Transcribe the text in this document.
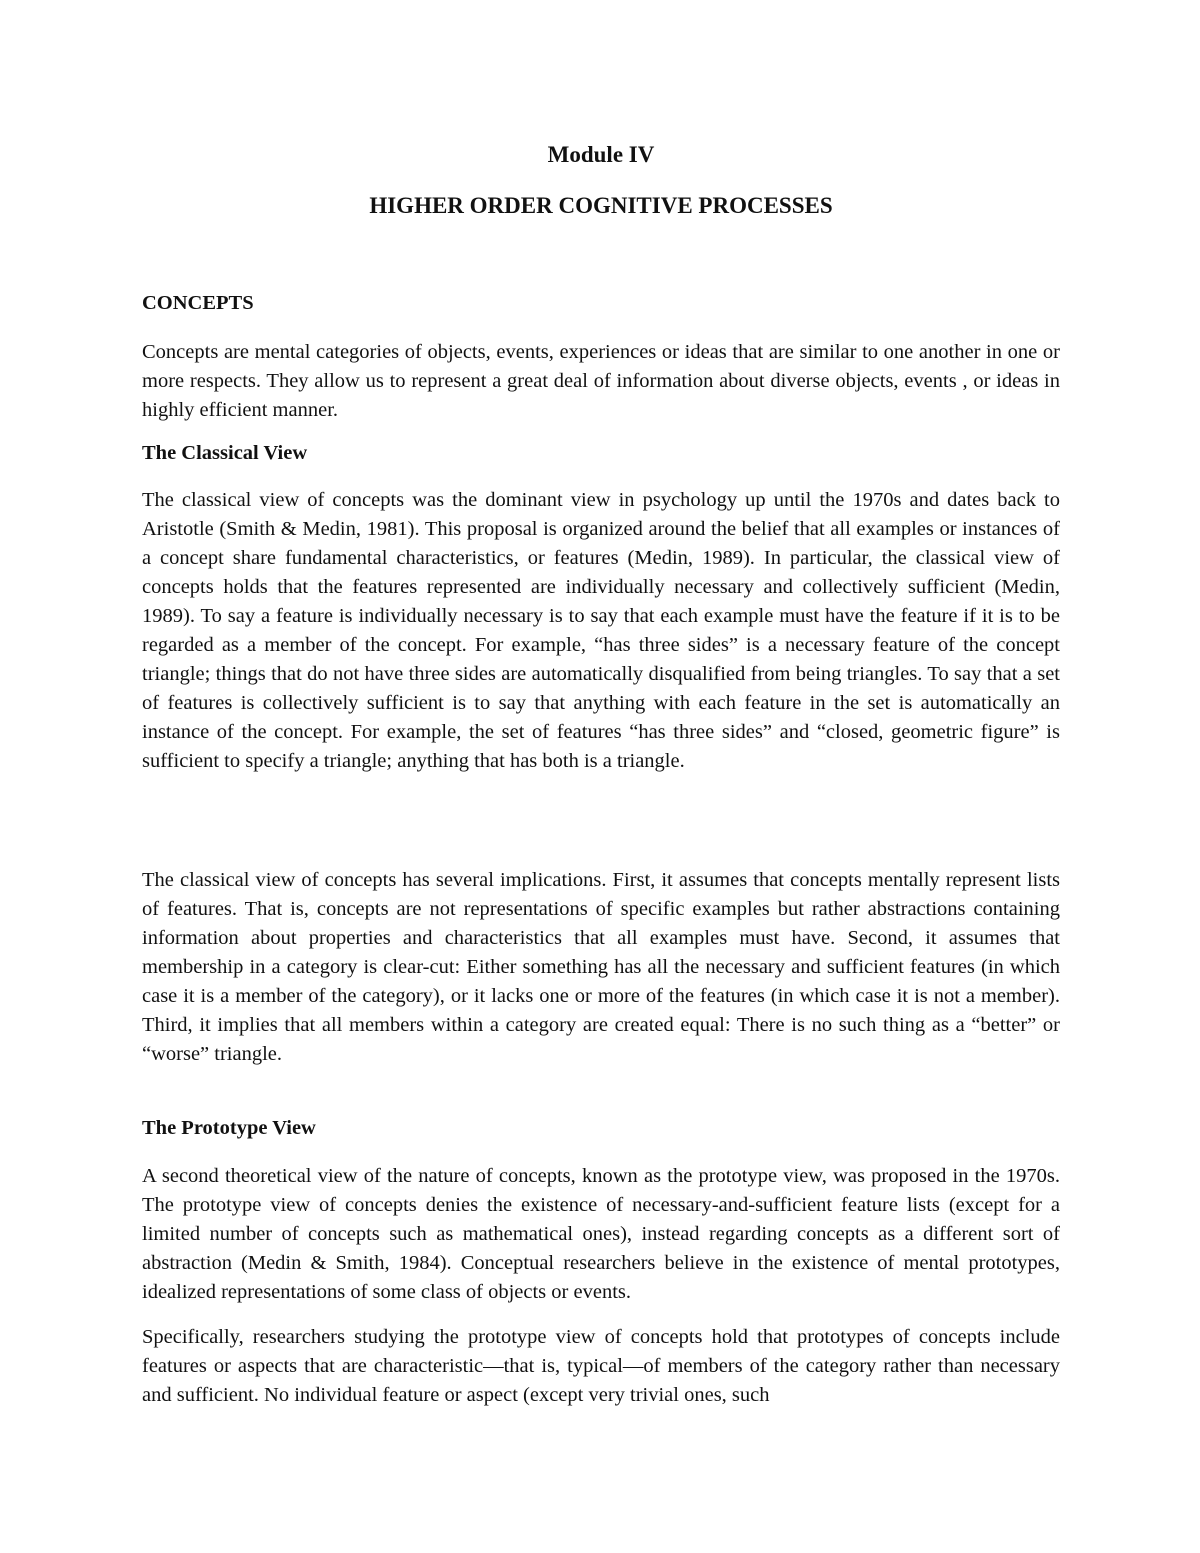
Module IV
HIGHER ORDER COGNITIVE PROCESSES
CONCEPTS

Concepts are mental categories of objects, events, experiences or ideas that are similar to one another in one or more respects. They allow us to represent a great deal of information about diverse objects, events , or ideas in highly efficient manner.

The Classical View

The classical view of concepts was the dominant view in psychology up until the 1970s and dates back to Aristotle (Smith & Medin, 1981). This proposal is organized around the belief that all examples or instances of a concept share fundamental characteristics, or features (Medin, 1989). In particular, the classical view of concepts holds that the features represented are individually necessary and collectively sufficient (Medin, 1989). To say a feature is individually necessary is to say that each example must have the feature if it is to be regarded as a member of the concept. For example, “has three sides” is a necessary feature of the concept triangle; things that do not have three sides are automatically disqualified from being triangles. To say that a set of features is collectively sufficient is to say that anything with each feature in the set is automatically an instance of the concept. For example, the set of features “has three sides” and “closed, geometric figure” is sufficient to specify a triangle; anything that has both is a triangle.

The classical view of concepts has several implications. First, it assumes that concepts mentally represent lists of features. That is, concepts are not representations of specific examples but rather abstractions containing information about properties and characteristics that all examples must have. Second, it assumes that membership in a category is clear-cut: Either something has all the necessary and sufficient features (in which case it is a member of the category), or it lacks one or more of the features (in which case it is not a member). Third, it implies that all members within a category are created equal: There is no such thing as a “better” or “worse” triangle.

The Prototype View

A second theoretical view of the nature of concepts, known as the prototype view, was proposed in the 1970s. The prototype view of concepts denies the existence of necessary-and-sufficient feature lists (except for a limited number of concepts such as mathematical ones), instead regarding concepts as a different sort of abstraction (Medin & Smith, 1984). Conceptual researchers believe in the existence of mental prototypes, idealized representations of some class of objects or events.

Specifically, researchers studying the prototype view of concepts hold that prototypes of concepts include features or aspects that are characteristic—that is, typical—of members of the category rather than necessary and sufficient. No individual feature or aspect (except very trivial ones, such
